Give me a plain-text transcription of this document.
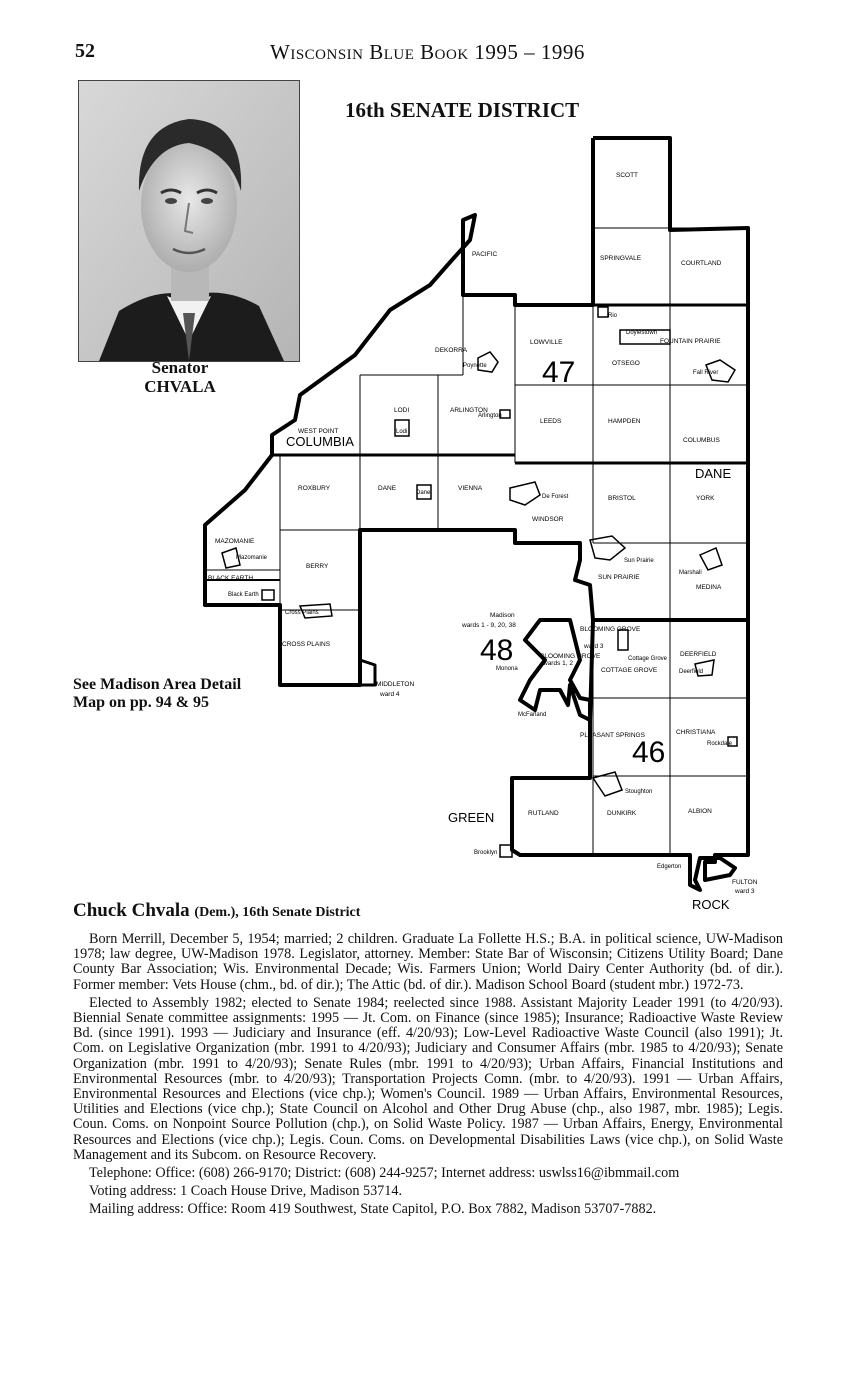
52	Wisconsin Blue Book 1995 – 1996
Senator
CHVALA
16th SENATE DISTRICT
47
48
46
COLUMBIA
DANE
GREEN
ROCK
SCOTT
SPRINGVALE
COURTLAND
PACIFIC
DEKORRA
LOWVILLE
OTSEGO
FOUNTAIN PRAIRIE
WEST POINT
LODI	ARLINGTON
LEEDS	HAMPDEN
COLUMBUS
ROXBURY	DANE	VIENNA
WINDSOR
BRISTOL	YORK
MAZOMANIE
BLACK EARTH
BERRY
CROSS PLAINS
SUN PRAIRIE
MEDINA
BLOOMING GROVE
ward 3
BLOOMING GROVE
wards 1, 2
COTTAGE GROVE
DEERFIELD
PLEASANT SPRINGS	CHRISTIANA
RUTLAND	DUNKIRK	ALBION
MIDDLETON
ward 4
FULTON
ward 3
Madison
wards 1 - 9, 20, 38
Rio
Doylestown
Poynette
Fall River
Arlington
Lodi
Dane
De Forest
Sun Prairie
Marshall
Mazomanie
Black Earth
Cross Plains
Cottage Grove
Deerfield
Monona
McFarland
Rockdale
Stoughton
Brooklyn
Edgerton
See Madison Area Detail
Map on pp. 94 & 95
Chuck Chvala (Dem.), 16th Senate District

Born Merrill, December 5, 1954; married; 2 children. Graduate La Follette H.S.; B.A. in political science, UW-Madison 1978; law degree, UW-Madison 1978. Legislator, attorney. Member: State Bar of Wisconsin; Citizens Utility Board; Dane County Bar Association; Wis. Environmental Decade; Wis. Farmers Union; World Dairy Center Authority (bd. of dir.). Former member: Vets House (chm., bd. of dir.); The Attic (bd. of dir.). Madison School Board (student mbr.) 1972-73.

Elected to Assembly 1982; elected to Senate 1984; reelected since 1988. Assistant Majority Leader 1991 (to 4/20/93). Biennial Senate committee assignments: 1995 — Jt. Com. on Finance (since 1985); Insurance; Radioactive Waste Review Bd. (since 1991). 1993 — Judiciary and Insurance (eff. 4/20/93); Low-Level Radioactive Waste Council (also 1991); Jt. Com. on Legislative Organization (mbr. 1991 to 4/20/93); Judiciary and Consumer Affairs (mbr. 1985 to 4/20/93); Senate Organization (mbr. 1991 to 4/20/93); Senate Rules (mbr. 1991 to 4/20/93); Urban Affairs, Financial Institutions and Environmental Resources (mbr. to 4/20/93); Transportation Projects Comn. (mbr. to 4/20/93). 1991 — Urban Affairs, Environmental Resources and Elections (vice chp.); Women's Council. 1989 — Urban Affairs, Environmental Resources, Utilities and Elections (vice chp.); State Council on Alcohol and Other Drug Abuse (chp., also 1987, mbr. 1985); Legis. Coun. Coms. on Nonpoint Source Pollution (chp.), on Solid Waste Policy. 1987 — Urban Affairs, Energy, Environmental Resources and Elections (vice chp.); Legis. Coun. Coms. on Developmental Disabilities Laws (vice chp.), on Solid Waste Management and its Subcom. on Resource Recovery.

Telephone: Office: (608) 266-9170; District: (608) 244-9257; Internet address: uswlss16@ibmmail.com

Voting address: 1 Coach House Drive, Madison 53714.

Mailing address: Office: Room 419 Southwest, State Capitol, P.O. Box 7882, Madison 53707-7882.
